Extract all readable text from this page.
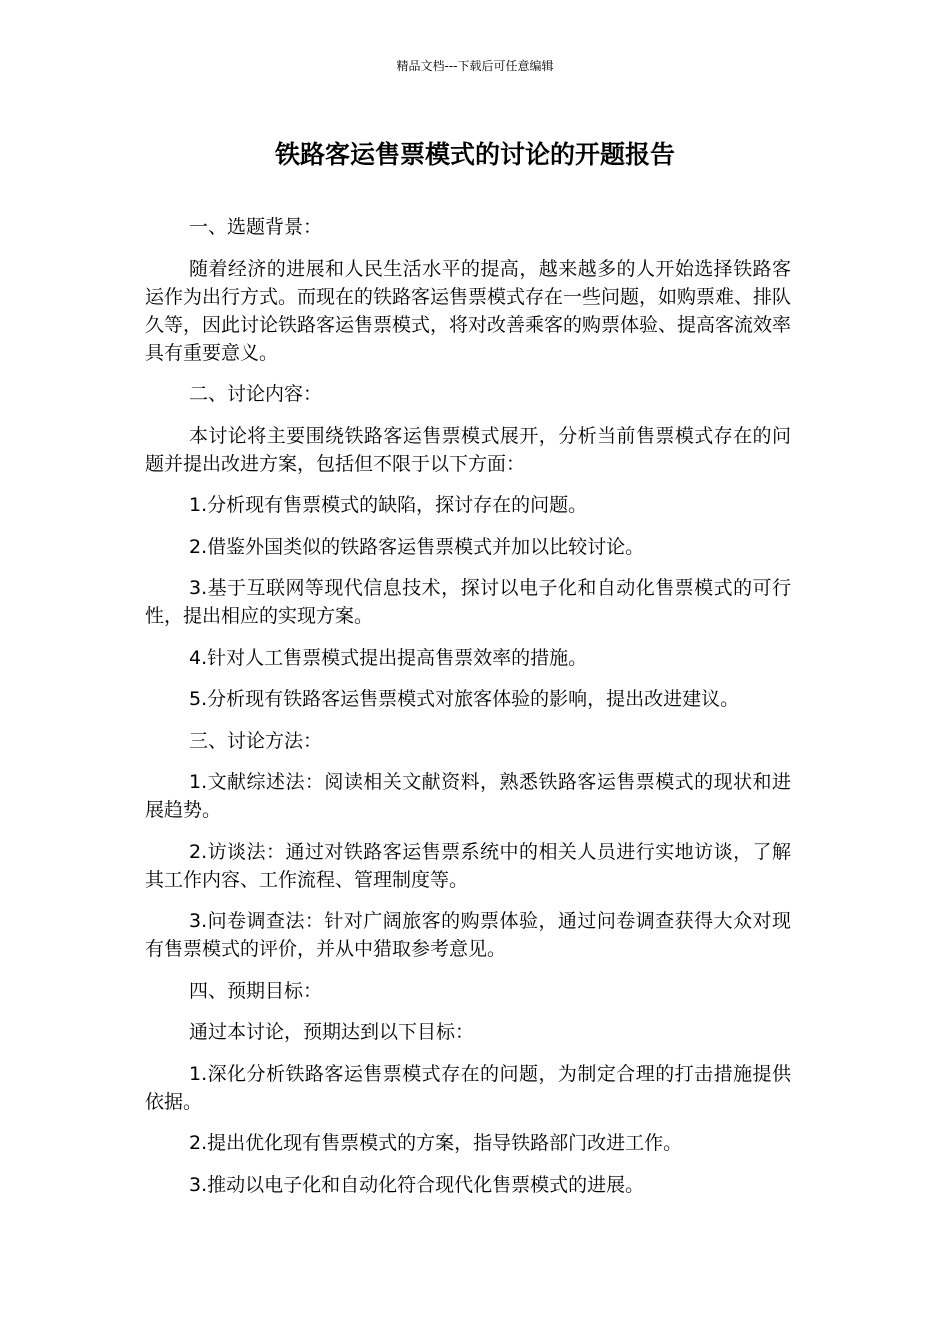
精品文档---下载后可任意编辑
铁路客运售票模式的讨论的开题报告

一、选题背景：

随着经济的进展和人民生活水平的提高，越来越多的人开始选择铁路客运作为出行方式。而现在的铁路客运售票模式存在一些问题，如购票难、排队久等，因此讨论铁路客运售票模式，将对改善乘客的购票体验、提高客流效率具有重要意义。

二、讨论内容：

本讨论将主要围绕铁路客运售票模式展开，分析当前售票模式存在的问题并提出改进方案，包括但不限于以下方面：

1.分析现有售票模式的缺陷，探讨存在的问题。

2.借鉴外国类似的铁路客运售票模式并加以比较讨论。

3.基于互联网等现代信息技术，探讨以电子化和自动化售票模式的可行性，提出相应的实现方案。

4.针对人工售票模式提出提高售票效率的措施。

5.分析现有铁路客运售票模式对旅客体验的影响，提出改进建议。

三、讨论方法：

1.文献综述法：阅读相关文献资料，熟悉铁路客运售票模式的现状和进展趋势。

2.访谈法：通过对铁路客运售票系统中的相关人员进行实地访谈，了解其工作内容、工作流程、管理制度等。

3.问卷调查法：针对广阔旅客的购票体验，通过问卷调查获得大众对现有售票模式的评价，并从中猎取参考意见。

四、预期目标：

通过本讨论，预期达到以下目标：

1.深化分析铁路客运售票模式存在的问题，为制定合理的打击措施提供依据。

2.提出优化现有售票模式的方案，指导铁路部门改进工作。

3.推动以电子化和自动化符合现代化售票模式的进展。
